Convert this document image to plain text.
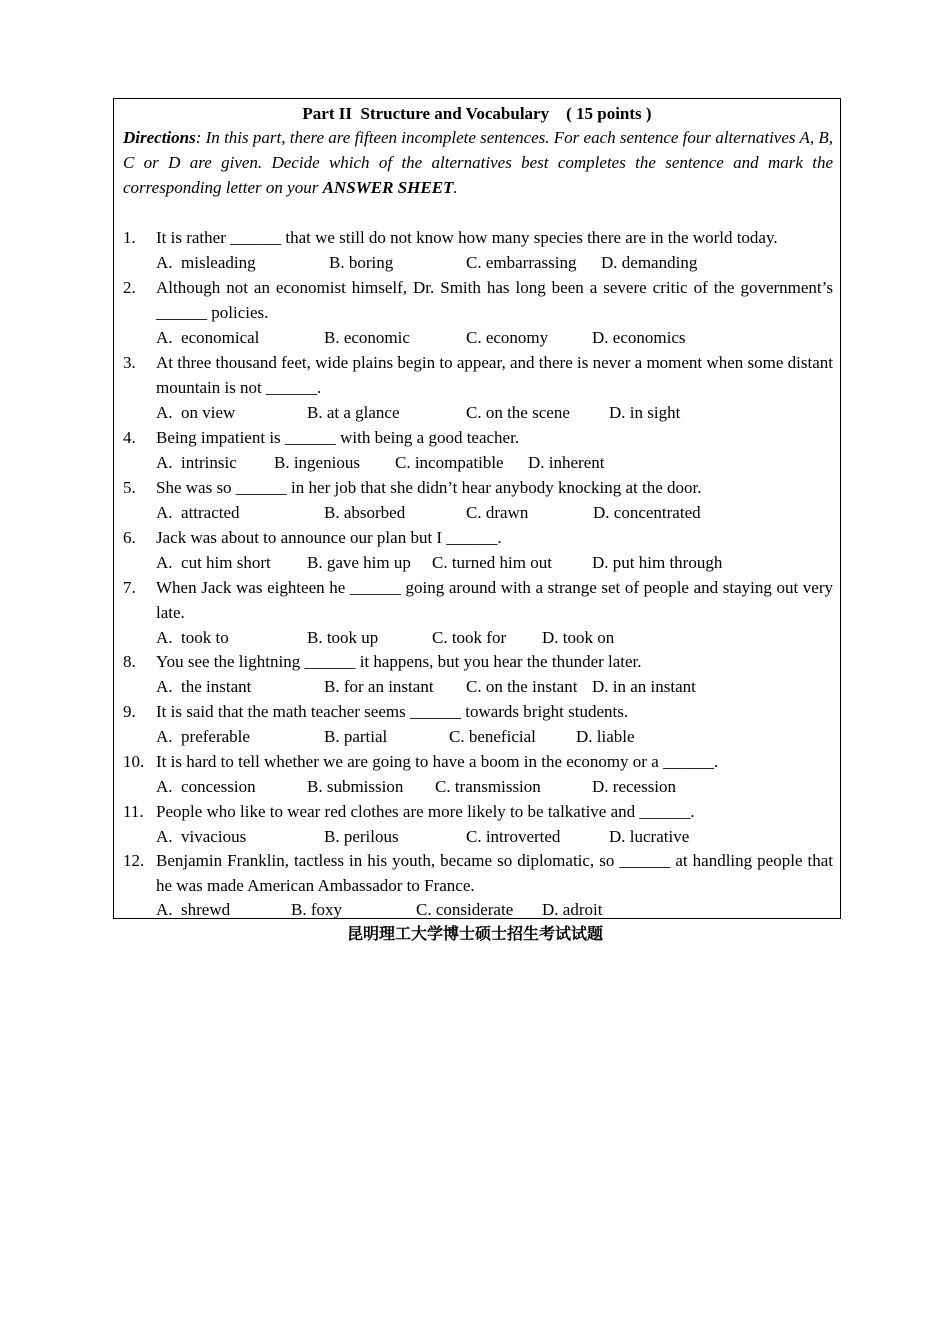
Part II  Structure and Vocabulary    ( 15 points )
Directions: In this part, there are fifteen incomplete sentences. For each sentence four alternatives A, B, C or D are given. Decide which of the alternatives best completes the sentence and mark the corresponding letter on your ANSWER SHEET.
1. It is rather ______ that we still do not know how many species there are in the world today.
A.  misleading	B. boring	C. embarrassing D. demanding
2. Although not an economist himself, Dr. Smith has long been a severe critic of the government’s ______ policies.
A.  economical	B. economic	C. economy	D. economics
3. At three thousand feet, wide plains begin to appear, and there is never a moment when some distant mountain is not ______.
A.  on view	B. at a glance	C. on the scene D. in sight
4. Being impatient is ______ with being a good teacher.
A.  intrinsic B. ingenious C. incompatible D. inherent
5. She was so ______ in her job that she didn’t hear anybody knocking at the door.
A.  attracted	B. absorbed	C. drawn	D. concentrated
6. Jack was about to announce our plan but I ______.
A.  cut him short B. gave him up C. turned him out D. put him through
7. When Jack was eighteen he ______ going around with a strange set of people and staying out very late.
A.  took to	B. took up	C. took for D. took on
8. You see the lightning ______ it happens, but you hear the thunder later.
A.  the instant	B. for an instant C. on the instant D. in an instant
9. It is said that the math teacher seems ______ towards bright students.
A.  preferable	B. partial	C. beneficial D. liable
10. It is hard to tell whether we are going to have a boom in the economy or a ______.
A.  concession	B. submission C. transmission	D. recession
11. People who like to wear red clothes are more likely to be talkative and ______.
A.  vivacious	B. perilous	C. introverted	D. lucrative
12. Benjamin Franklin, tactless in his youth, became so diplomatic, so ______ at handling people that he was made American Ambassador to France.
A.  shrewd	B. foxy	C. considerate D. adroit
昆明理工大学博士硕士招生考试试题
